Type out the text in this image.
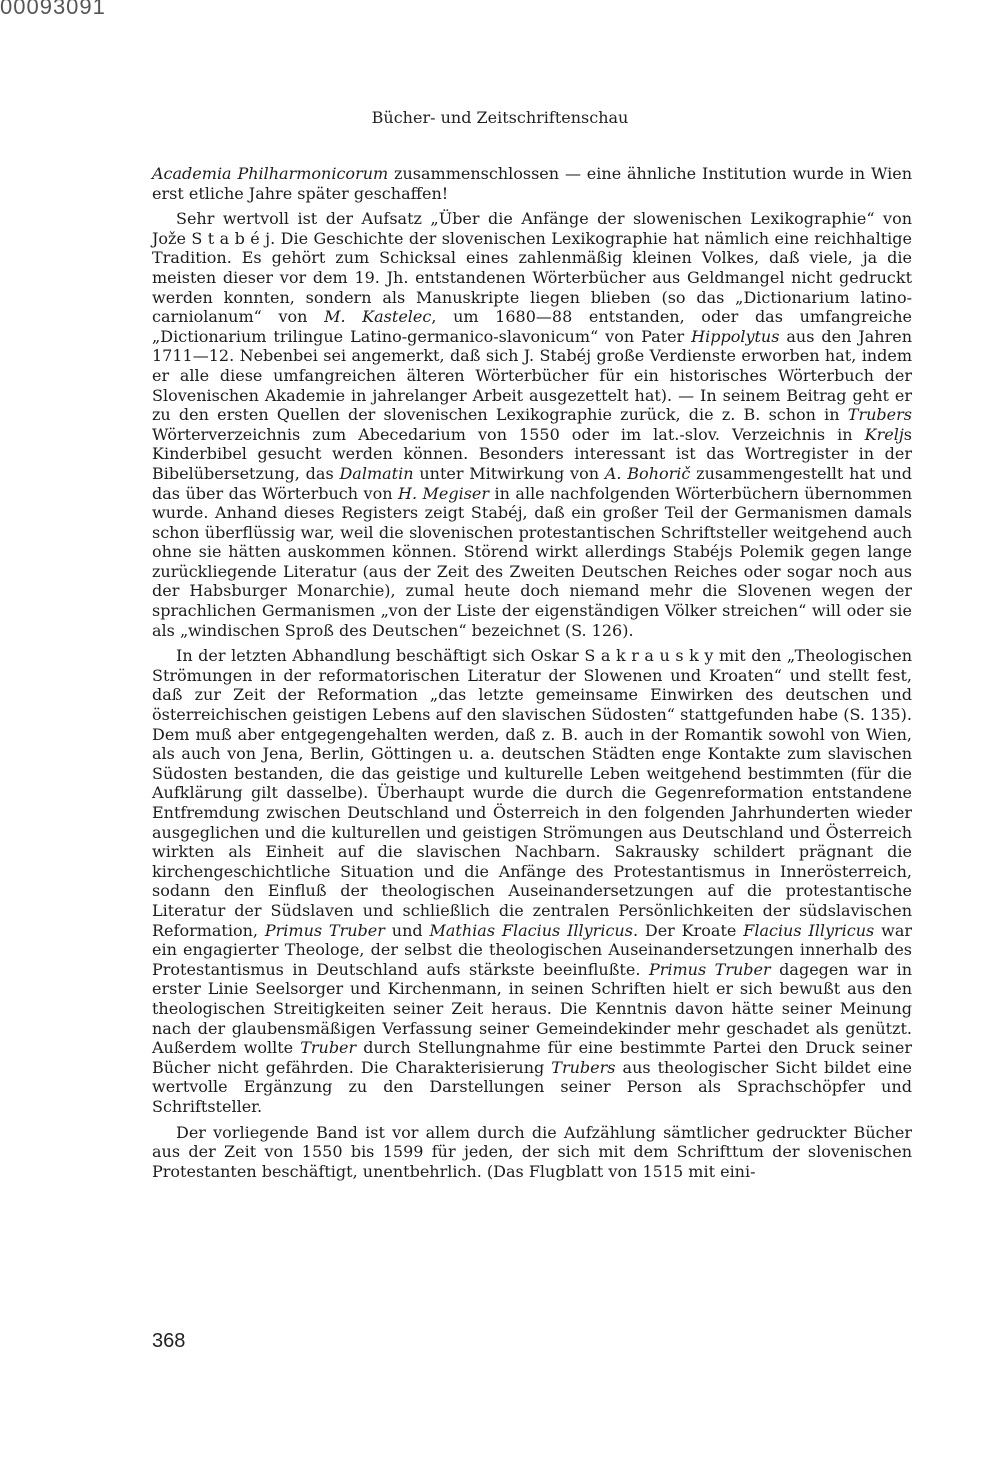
00093091
Bücher- und Zeitschriftenschau

Academia Philharmonicorum zusammenschlossen — eine ähnliche Institution wurde in Wien erst etliche Jahre später geschaffen!

Sehr wertvoll ist der Aufsatz „Über die Anfänge der slowenischen Lexikographie“ von Jože S t a b é j. Die Geschichte der slovenischen Lexikographie hat nämlich eine reichhaltige Tradition. Es gehört zum Schicksal eines zahlenmäßig kleinen Volkes, daß viele, ja die meisten dieser vor dem 19. Jh. entstandenen Wörterbücher aus Geldmangel nicht gedruckt werden konnten, sondern als Manuskripte liegen blieben (so das „Dictionarium latino-carniolanum“ von M. Kastelec, um 1680—88 entstanden, oder das umfangreiche „Dictionarium trilingue Latino-germanico-slavonicum“ von Pater Hippolytus aus den Jahren 1711—12. Nebenbei sei angemerkt, daß sich J. Stabéj große Verdienste erworben hat, indem er alle diese umfangreichen älteren Wörterbücher für ein historisches Wörterbuch der Slovenischen Akademie in jahrelanger Arbeit ausgezettelt hat). — In seinem Beitrag geht er zu den ersten Quellen der slovenischen Lexikographie zurück, die z. B. schon in Trubers Wörterverzeichnis zum Abecedarium von 1550 oder im lat.-slov. Verzeichnis in Kreljs Kinderbibel gesucht werden können. Besonders interessant ist das Wortregister in der Bibelübersetzung, das Dalmatin unter Mitwirkung von A. Bohorič zusammengestellt hat und das über das Wörterbuch von H. Megiser in alle nachfolgenden Wörterbüchern übernommen wurde. Anhand dieses Registers zeigt Stabéj, daß ein großer Teil der Germanismen damals schon überflüssig war, weil die slovenischen protestantischen Schriftsteller weitgehend auch ohne sie hätten auskommen können. Störend wirkt allerdings Stabéjs Polemik gegen lange zurückliegende Literatur (aus der Zeit des Zweiten Deutschen Reiches oder sogar noch aus der Habsburger Monarchie), zumal heute doch niemand mehr die Slovenen wegen der sprachlichen Germanismen „von der Liste der eigenständigen Völker streichen“ will oder sie als „windischen Sproß des Deutschen“ bezeichnet (S. 126).

In der letzten Abhandlung beschäftigt sich Oskar S a k r a u s k y mit den „Theologischen Strömungen in der reformatorischen Literatur der Slowenen und Kroaten“ und stellt fest, daß zur Zeit der Reformation „das letzte gemeinsame Einwirken des deutschen und österreichischen geistigen Lebens auf den slavischen Südosten“ stattgefunden habe (S. 135). Dem muß aber entgegengehalten werden, daß z. B. auch in der Romantik sowohl von Wien, als auch von Jena, Berlin, Göttingen u. a. deutschen Städten enge Kontakte zum slavischen Südosten bestanden, die das geistige und kulturelle Leben weitgehend bestimmten (für die Aufklärung gilt dasselbe). Überhaupt wurde die durch die Gegenreformation entstandene Entfremdung zwischen Deutschland und Österreich in den folgenden Jahrhunderten wieder ausgeglichen und die kulturellen und geistigen Strömungen aus Deutschland und Österreich wirkten als Einheit auf die slavischen Nachbarn. Sakrausky schildert prägnant die kirchengeschichtliche Situation und die Anfänge des Protestantismus in Innerösterreich, sodann den Einfluß der theologischen Auseinandersetzungen auf die protestantische Literatur der Südslaven und schließlich die zentralen Persönlichkeiten der südslavischen Reformation, Primus Truber und Mathias Flacius Illyricus. Der Kroate Flacius Illyricus war ein engagierter Theologe, der selbst die theologischen Auseinandersetzungen innerhalb des Protestantismus in Deutschland aufs stärkste beeinflußte. Primus Truber dagegen war in erster Linie Seelsorger und Kirchenmann, in seinen Schriften hielt er sich bewußt aus den theologischen Streitigkeiten seiner Zeit heraus. Die Kenntnis davon hätte seiner Meinung nach der glaubensmäßigen Verfassung seiner Gemeindekinder mehr geschadet als genützt. Außerdem wollte Truber durch Stellungnahme für eine bestimmte Partei den Druck seiner Bücher nicht gefährden. Die Charakterisierung Trubers aus theologischer Sicht bildet eine wertvolle Ergänzung zu den Darstellungen seiner Person als Sprachschöpfer und Schriftsteller.

Der vorliegende Band ist vor allem durch die Aufzählung sämtlicher gedruckter Bücher aus der Zeit von 1550 bis 1599 für jeden, der sich mit dem Schrifttum der slovenischen Protestanten beschäftigt, unentbehrlich. (Das Flugblatt von 1515 mit eini-

368
